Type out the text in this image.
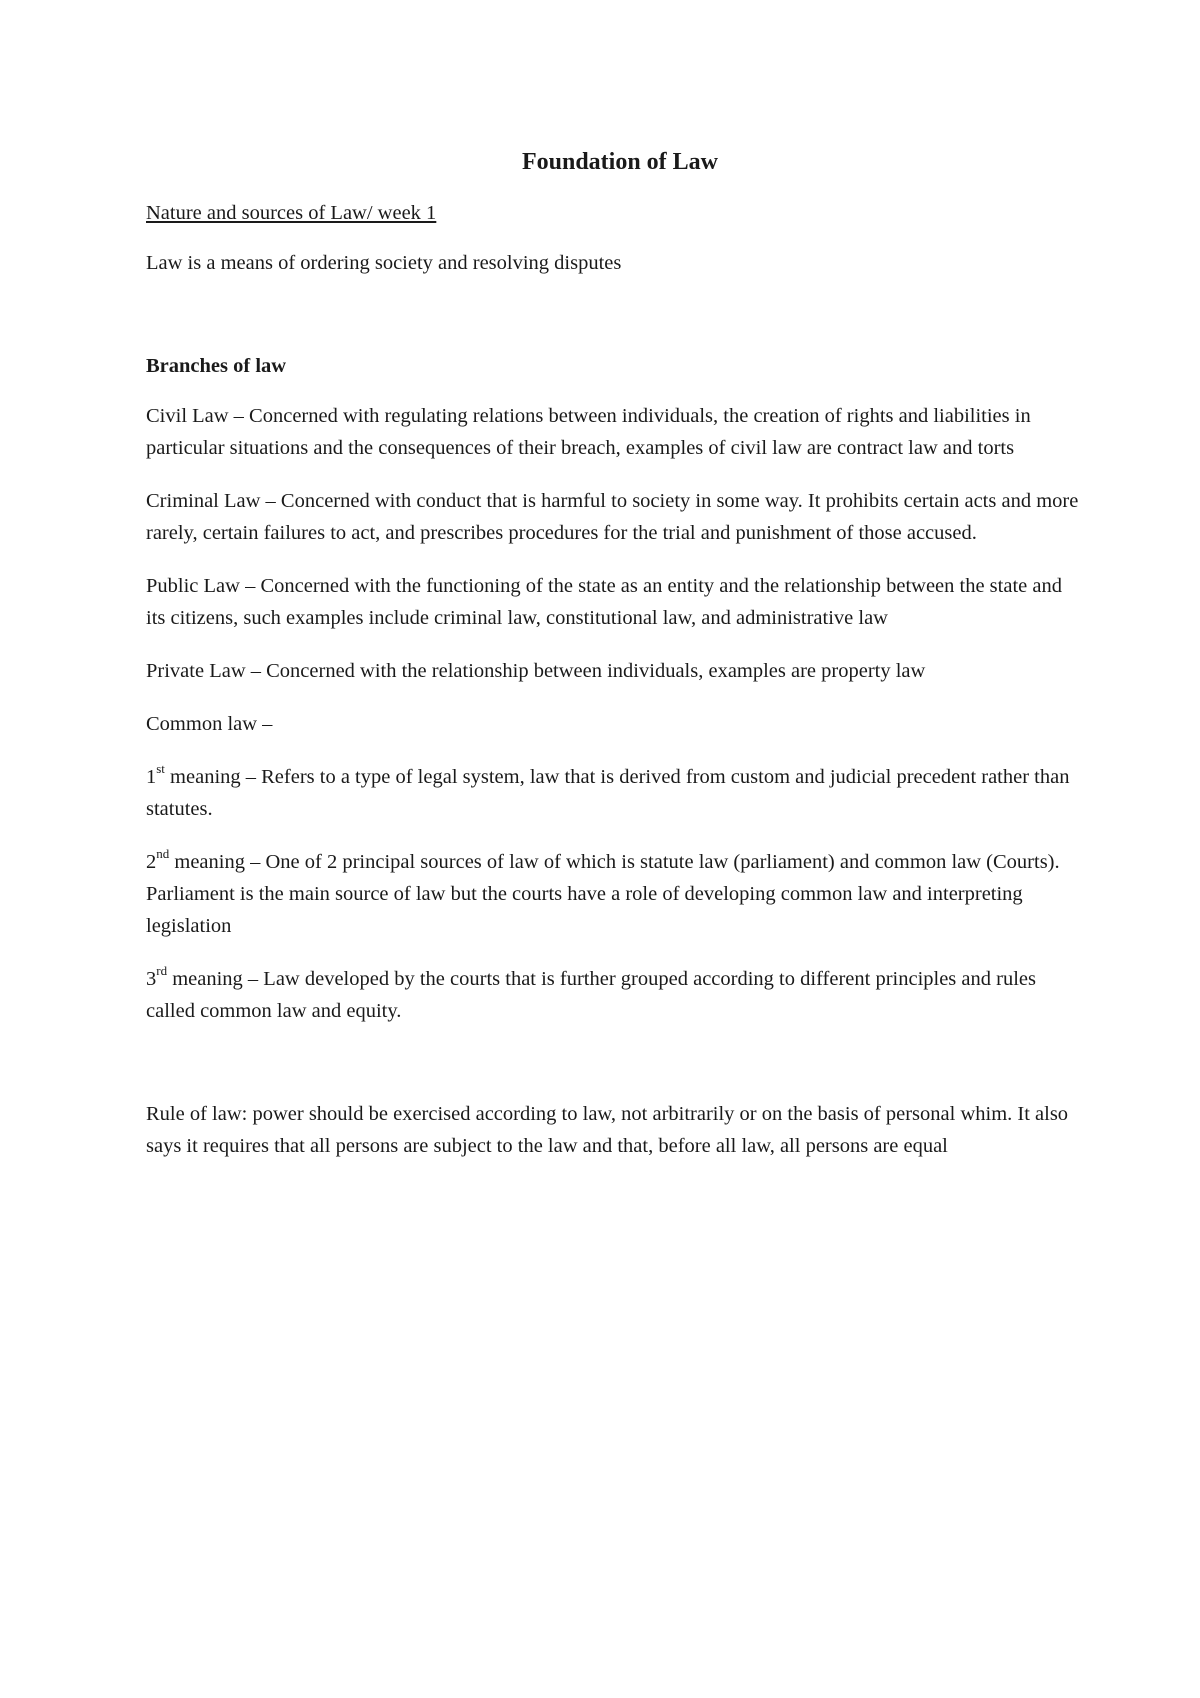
Foundation of Law

Nature and sources of Law/ week 1

Law is a means of ordering society and resolving disputes

Branches of law

Civil Law – Concerned with regulating relations between individuals, the creation of rights and liabilities in particular situations and the consequences of their breach, examples of civil law are contract law and torts

Criminal Law – Concerned with conduct that is harmful to society in some way. It prohibits certain acts and more rarely, certain failures to act, and prescribes procedures for the trial and punishment of those accused.

Public Law – Concerned with the functioning of the state as an entity and the relationship between the state and its citizens, such examples include criminal law, constitutional law, and administrative law

Private Law – Concerned with the relationship between individuals, examples are property law

Common law –

1st meaning – Refers to a type of legal system, law that is derived from custom and judicial precedent rather than statutes.

2nd meaning – One of 2 principal sources of law of which is statute law (parliament) and common law (Courts). Parliament is the main source of law but the courts have a role of developing common law and interpreting legislation

3rd meaning – Law developed by the courts that is further grouped according to different principles and rules called common law and equity.

Rule of law: power should be exercised according to law, not arbitrarily or on the basis of personal whim. It also says it requires that all persons are subject to the law and that, before all law, all persons are equal
